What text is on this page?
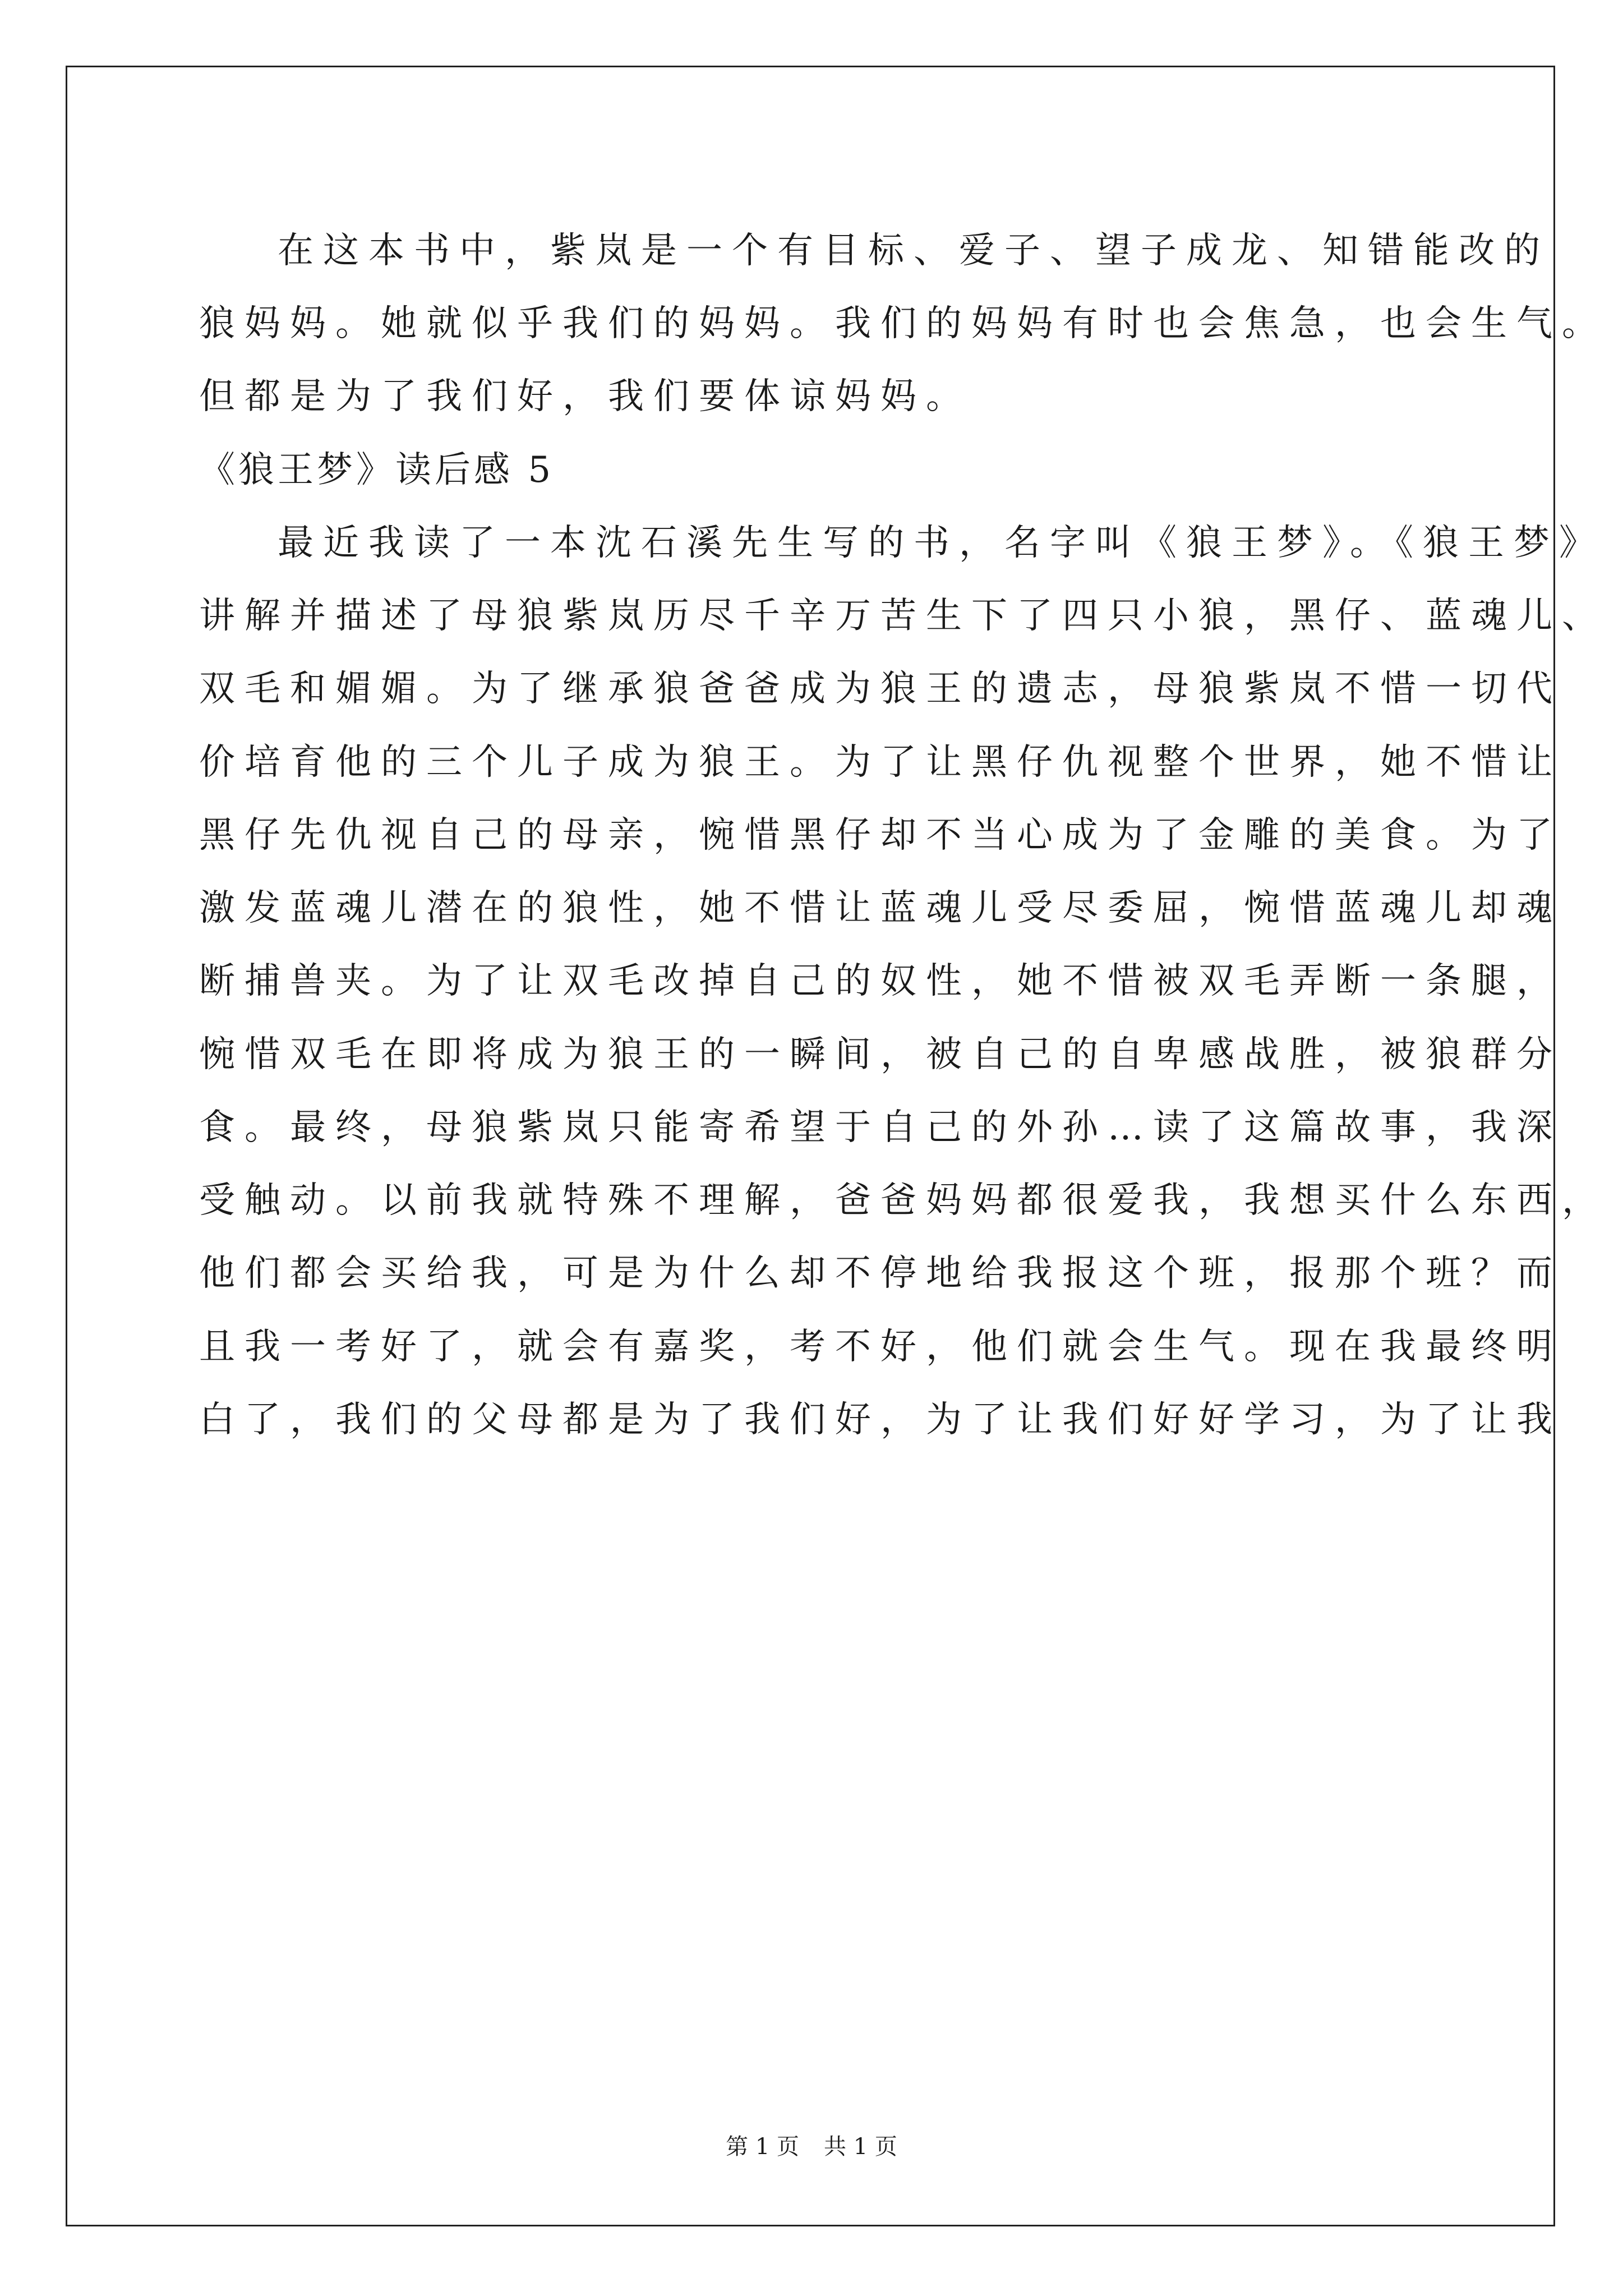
在这本书中，紫岚是一个有目标、爱子、望子成龙、知错能改的
狼妈妈。她就似乎我们的妈妈。我们的妈妈有时也会焦急，也会生气。
但都是为了我们好，我们要体谅妈妈。
《狼王梦》读后感 5
最近我读了一本沈石溪先生写的书，名字叫《狼王梦》。《狼王梦》
讲解并描述了母狼紫岚历尽千辛万苦生下了四只小狼，黑仔、蓝魂儿、
双毛和媚媚。为了继承狼爸爸成为狼王的遗志，母狼紫岚不惜一切代
价培育他的三个儿子成为狼王。为了让黑仔仇视整个世界，她不惜让
黑仔先仇视自己的母亲，惋惜黑仔却不当心成为了金雕的美食。为了
激发蓝魂儿潜在的狼性，她不惜让蓝魂儿受尽委屈，惋惜蓝魂儿却魂
断捕兽夹。为了让双毛改掉自己的奴性，她不惜被双毛弄断一条腿，
惋惜双毛在即将成为狼王的一瞬间，被自己的自卑感战胜，被狼群分
食。最终，母狼紫岚只能寄希望于自己的外孙…读了这篇故事，我深
受触动。以前我就特殊不理解，爸爸妈妈都很爱我，我想买什么东西，
他们都会买给我，可是为什么却不停地给我报这个班，报那个班？而
且我一考好了，就会有嘉奖，考不好，他们就会生气。现在我最终明
白了，我们的父母都是为了我们好，为了让我们好好学习，为了让我
第 1 页 共 1 页
